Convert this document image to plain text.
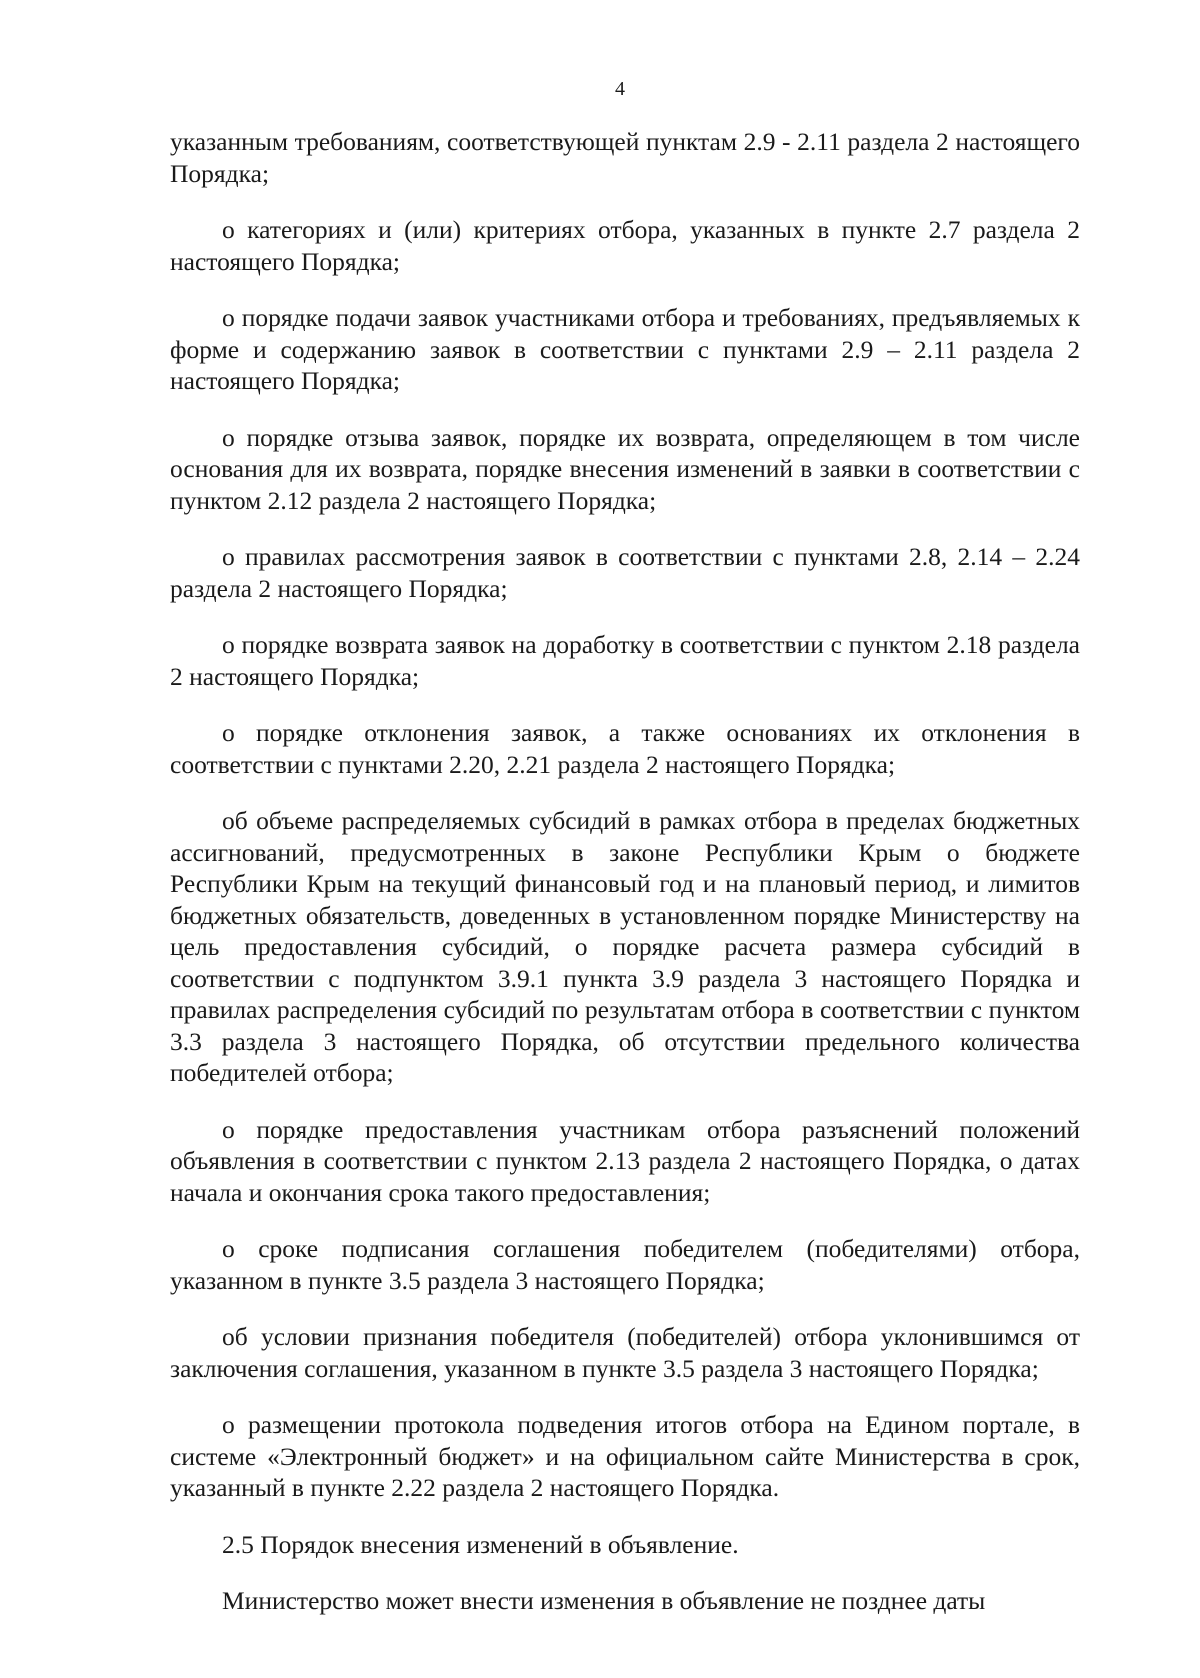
4

указанным требованиям, соответствующей пунктам 2.9 - 2.11 раздела 2 настоящего Порядка;

о категориях и (или) критериях отбора, указанных в пункте 2.7 раздела 2 настоящего Порядка;

о порядке подачи заявок участниками отбора и требованиях, предъявляемых к форме и содержанию заявок в соответствии с пунктами 2.9 – 2.11 раздела 2 настоящего Порядка;

о порядке отзыва заявок, порядке их возврата, определяющем в том числе основания для их возврата, порядке внесения изменений в заявки в соответствии с пунктом 2.12 раздела 2 настоящего Порядка;

о правилах рассмотрения заявок в соответствии с пунктами 2.8, 2.14 – 2.24 раздела 2 настоящего Порядка;

о порядке возврата заявок на доработку в соответствии с пунктом 2.18 раздела 2 настоящего Порядка;

о порядке отклонения заявок, а также основаниях их отклонения в соответствии с пунктами 2.20, 2.21 раздела 2 настоящего Порядка;

об объеме распределяемых субсидий в рамках отбора в пределах бюджетных ассигнований, предусмотренных в законе Республики Крым о бюджете Республики Крым на текущий финансовый год и на плановый период, и лимитов бюджетных обязательств, доведенных в установленном порядке Министерству на цель предоставления субсидий, о порядке расчета размера субсидий в соответствии с подпунктом 3.9.1 пункта 3.9 раздела 3 настоящего Порядка и правилах распределения субсидий по результатам отбора в соответствии с пунктом 3.3 раздела 3 настоящего Порядка, об отсутствии предельного количества победителей отбора;

о порядке предоставления участникам отбора разъяснений положений объявления в соответствии с пунктом 2.13 раздела 2 настоящего Порядка, о датах начала и окончания срока такого предоставления;

о сроке подписания соглашения победителем (победителями) отбора, указанном в пункте 3.5 раздела 3 настоящего Порядка;

об условии признания победителя (победителей) отбора уклонившимся от заключения соглашения, указанном в пункте 3.5 раздела 3 настоящего Порядка;

о размещении протокола подведения итогов отбора на Едином портале, в системе «Электронный бюджет» и на официальном сайте Министерства в срок, указанный в пункте 2.22 раздела 2 настоящего Порядка.

2.5 Порядок внесения изменений в объявление.

Министерство может внести изменения в объявление не позднее даты
